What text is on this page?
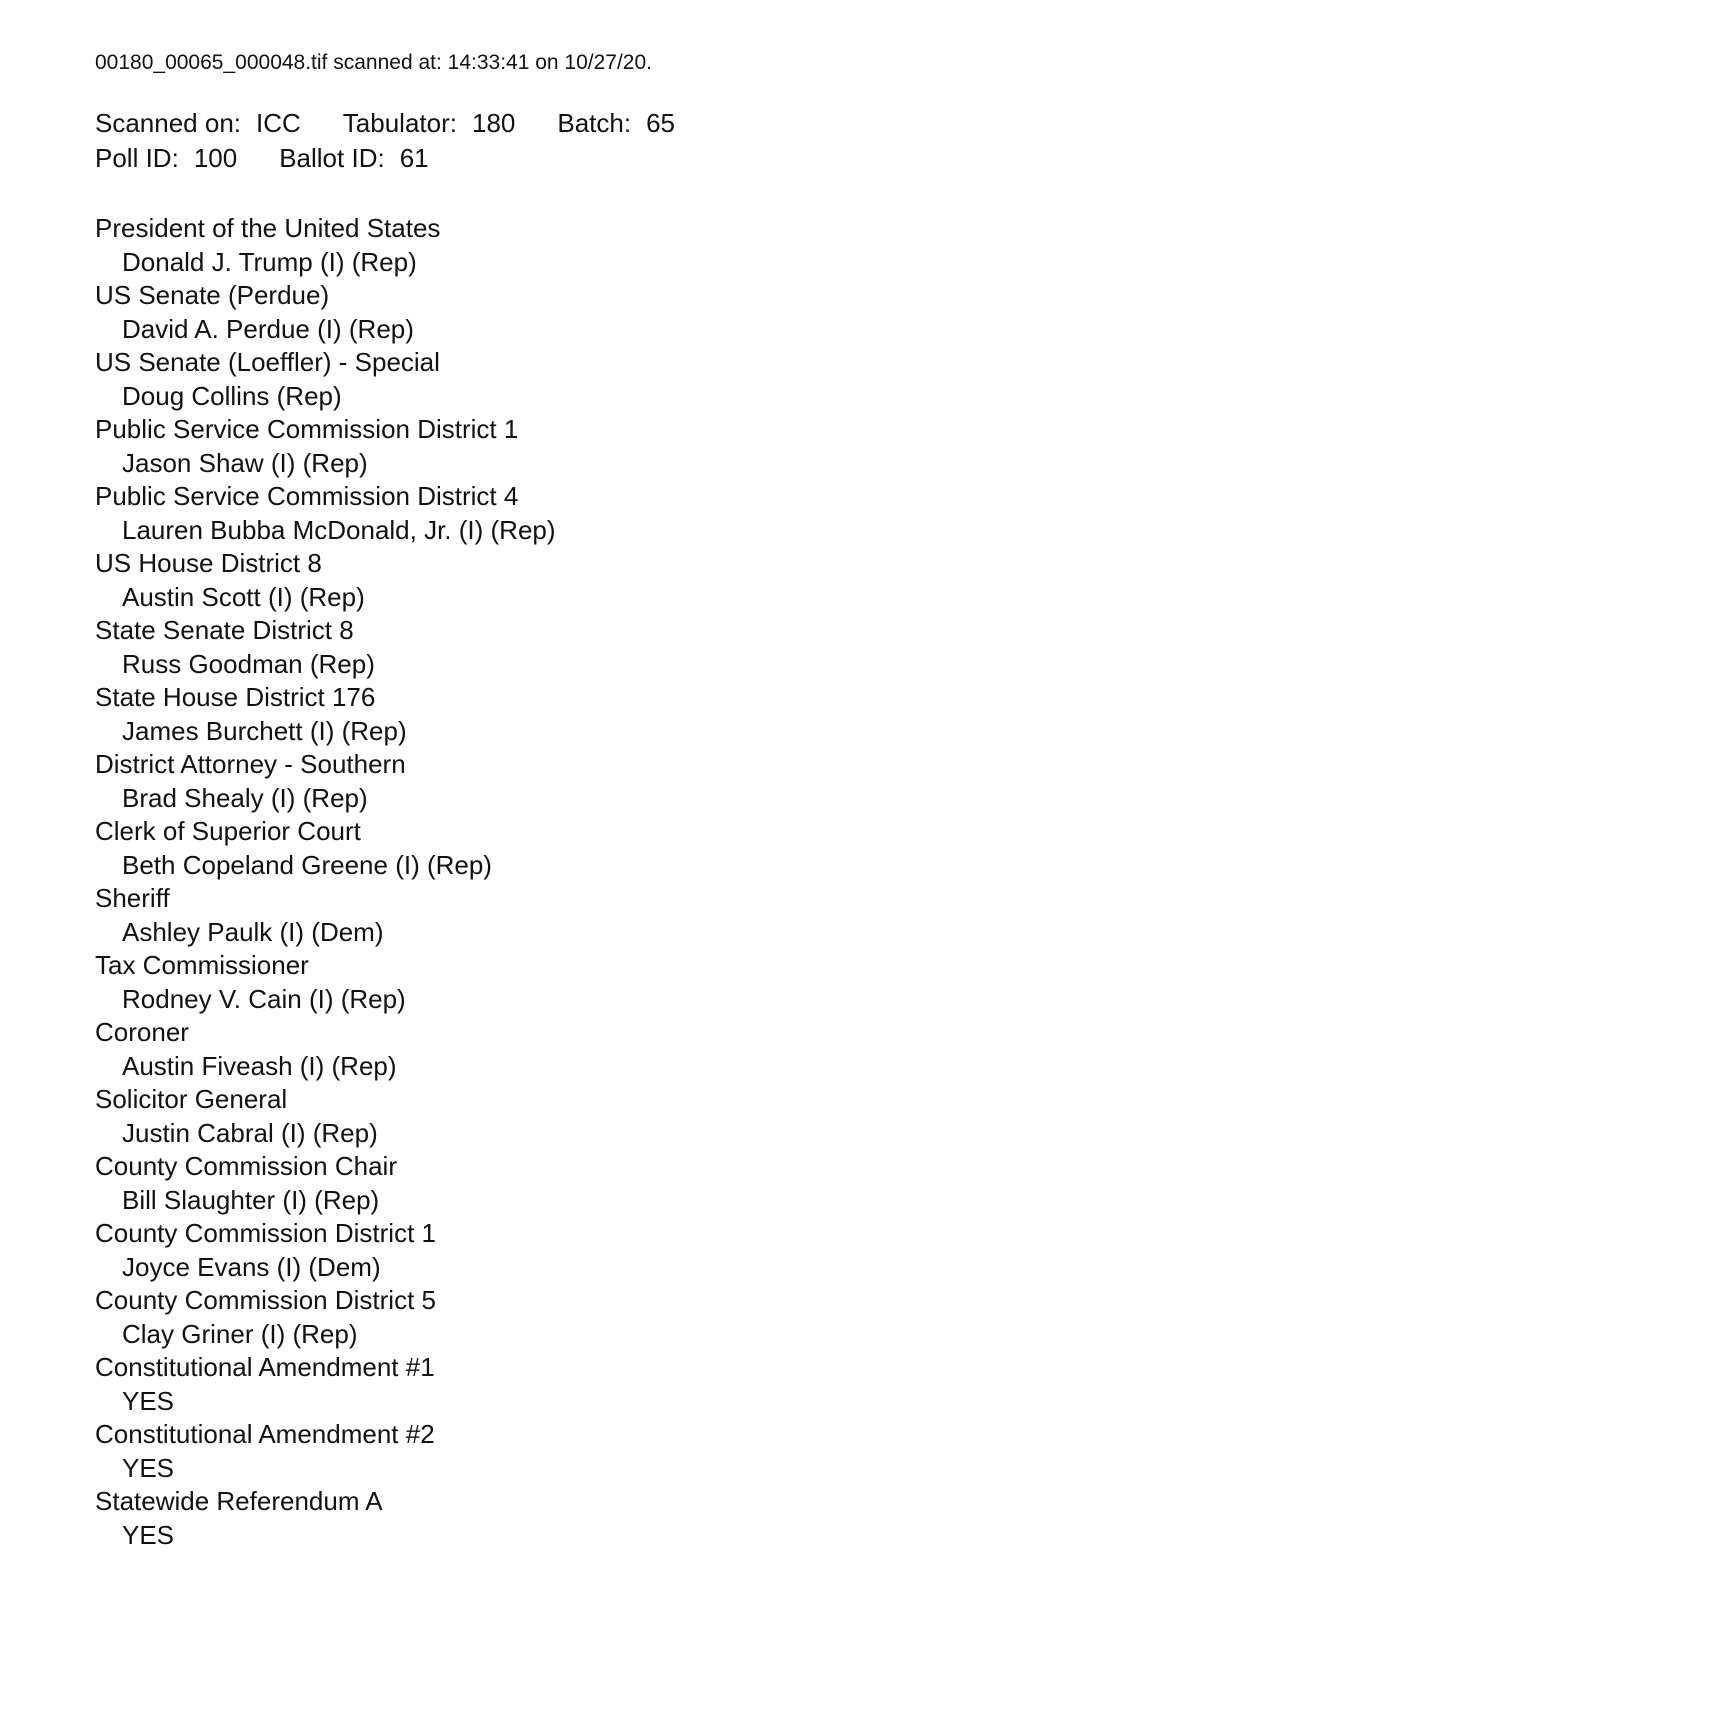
00180_00065_000048.tif scanned at: 14:33:41 on 10/27/20.
Scanned on: ICC Tabulator: 180 Batch: 65
Poll ID: 100 Ballot ID: 61
President of the United States
Donald J. Trump (I) (Rep)
US Senate (Perdue)
David A. Perdue (I) (Rep)
US Senate (Loeffler) - Special
Doug Collins (Rep)
Public Service Commission District 1
Jason Shaw (I) (Rep)
Public Service Commission District 4
Lauren Bubba McDonald, Jr. (I) (Rep)
US House District 8
Austin Scott (I) (Rep)
State Senate District 8
Russ Goodman (Rep)
State House District 176
James Burchett (I) (Rep)
District Attorney - Southern
Brad Shealy (I) (Rep)
Clerk of Superior Court
Beth Copeland Greene (I) (Rep)
Sheriff
Ashley Paulk (I) (Dem)
Tax Commissioner
Rodney V. Cain (I) (Rep)
Coroner
Austin Fiveash (I) (Rep)
Solicitor General
Justin Cabral (I) (Rep)
County Commission Chair
Bill Slaughter (I) (Rep)
County Commission District 1
Joyce Evans (I) (Dem)
County Commission District 5
Clay Griner (I) (Rep)
Constitutional Amendment #1
YES
Constitutional Amendment #2
YES
Statewide Referendum A
YES
